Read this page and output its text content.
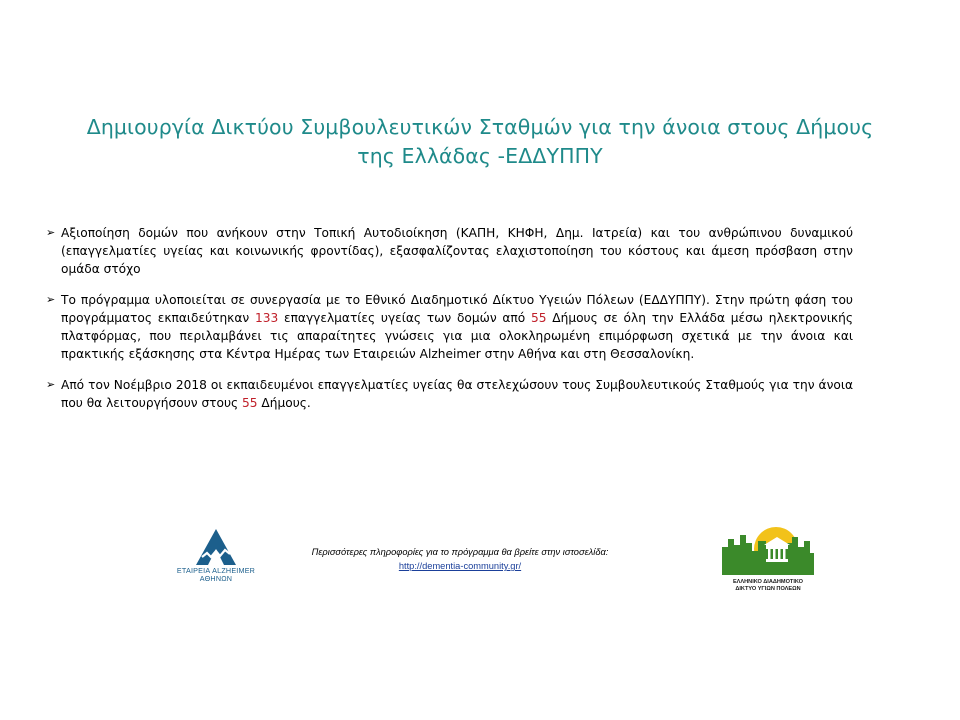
Δημιουργία Δικτύου Συμβουλευτικών Σταθμών για την άνοια στους Δήμους
της Ελλάδας -ΕΔΔΥΠΠΥ
➢ Αξιοποίηση δομών που ανήκουν στην Τοπική Αυτοδιοίκηση (ΚΑΠΗ, ΚΗΦΗ, Δημ. Ιατρεία) και του ανθρώπινου δυναμικού (επαγγελματίες υγείας και κοινωνικής φροντίδας), εξασφαλίζοντας ελαχιστοποίηση του κόστους και άμεση πρόσβαση στην ομάδα στόχο
➢ Το πρόγραμμα υλοποιείται σε συνεργασία με το Εθνικό Διαδημοτικό Δίκτυο Υγειών Πόλεων (ΕΔΔΥΠΠΥ). Στην πρώτη φάση του προγράμματος εκπαιδεύτηκαν 133 επαγγελματίες υγείας των δομών από 55 Δήμους σε όλη την Ελλάδα μέσω ηλεκτρονικής πλατφόρμας, που περιλαμβάνει τις απαραίτητες γνώσεις για μια ολοκληρωμένη επιμόρφωση σχετικά με την άνοια και πρακτικής εξάσκησης στα Κέντρα Ημέρας των Εταιρειών Alzheimer στην Αθήνα και στη Θεσσαλονίκη.
➢ Από τον Νοέμβριο 2018 οι εκπαιδευμένοι επαγγελματίες υγείας θα στελεχώσουν τους Συμβουλευτικούς Σταθμούς για την άνοια που θα λειτουργήσουν στους 55 Δήμους.
ΕΤΑΙΡΕΙΑ ALZHEIMER
ΑΘΗΝΩΝ
Περισσότερες πληροφορίες για το πρόγραμμα θα βρείτε στην ιστοσελίδα:
http://dementia-community.gr/
ΕΛΛΗΝΙΚΟ ΔΙΑΔΗΜΟΤΙΚΟ
ΔΙΚΤΥΟ ΥΓΙΩΝ ΠΟΛΕΩΝ
